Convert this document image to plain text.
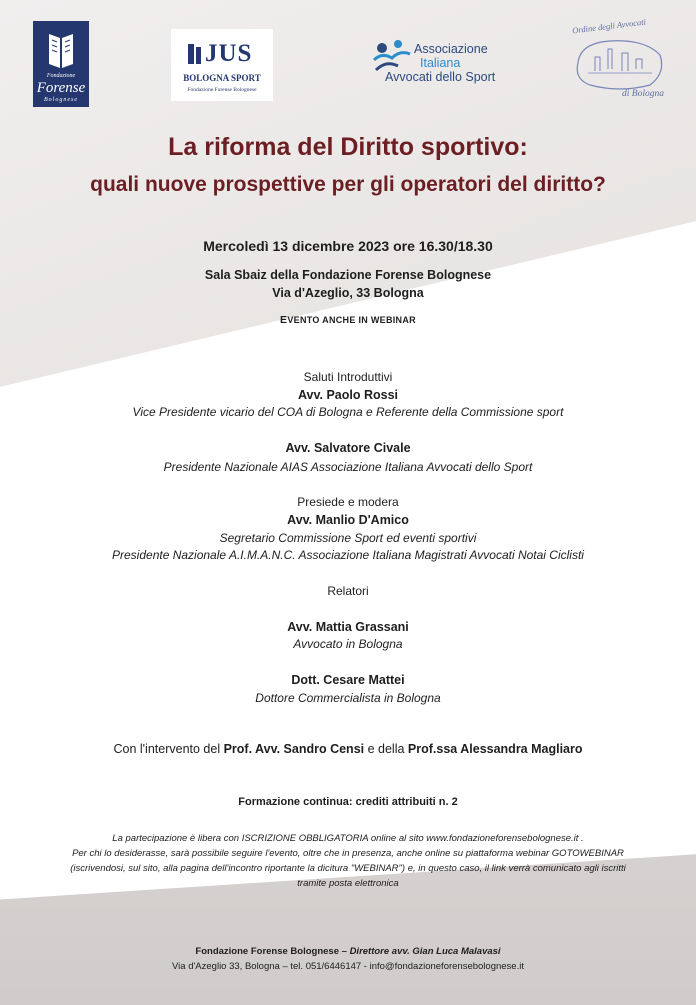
Fondazione
Forense
Bolognese
JUS
BOLOGNA SPORT
Fondazione Forense Bolognese
Associazione
Italiana
Avvocati dello Sport
Ordine degli Avvocati
di Bologna
La riforma del Diritto sportivo:
quali nuove prospettive per gli operatori del diritto?
Mercoledì 13 dicembre 2023 ore 16.30/18.30
Sala Sbaiz della Fondazione Forense Bolognese
Via d'Azeglio, 33 Bologna
EVENTO ANCHE IN WEBINAR
Saluti Introduttivi
Avv. Paolo Rossi
Vice Presidente vicario del COA di Bologna e Referente della Commissione sport
Avv. Salvatore Civale
Presidente Nazionale AIAS Associazione Italiana Avvocati dello Sport
Presiede e modera
Avv. Manlio D'Amico
Segretario Commissione Sport ed eventi sportivi
Presidente Nazionale A.I.M.A.N.C. Associazione Italiana Magistrati Avvocati Notai Ciclisti
Relatori
Avv. Mattia Grassani
Avvocato in Bologna
Dott. Cesare Mattei
Dottore Commercialista in Bologna
Con l'intervento del Prof. Avv. Sandro Censi e della Prof.ssa Alessandra Magliaro
Formazione continua: crediti attribuiti n. 2
La partecipazione è libera con ISCRIZIONE OBBLIGATORIA online al sito www.fondazioneforensebolognese.it .
Per chi lo desiderasse, sarà possibile seguire l'evento, oltre che in presenza, anche online su piattaforma webinar GOTOWEBINAR
(iscrivendosi, sul sito, alla pagina dell'incontro riportante la dicitura "WEBINAR") e, in questo caso, il link verrà comunicato agli iscritti
tramite posta elettronica
Fondazione Forense Bolognese – Direttore avv. Gian Luca Malavasi
Via d'Azeglio 33, Bologna – tel. 051/6446147 - info@fondazioneforensebolognese.it
